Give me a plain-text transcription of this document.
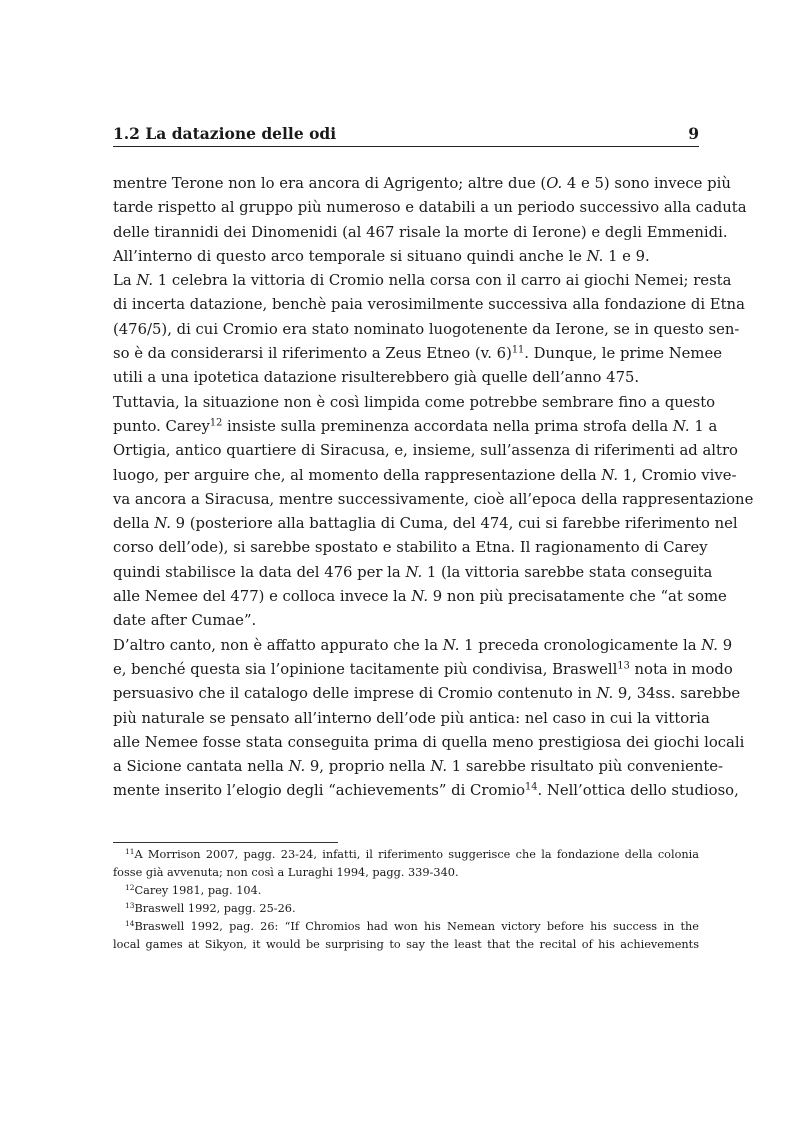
1.2 La datazione delle odi	9
mentre Terone non lo era ancora di Agrigento; altre due (O. 4 e 5) sono invece più
tarde rispetto al gruppo più numeroso e databili a un periodo successivo alla caduta
delle tirannidi dei Dinomenidi (al 467 risale la morte di Ierone) e degli Emmenidi.
All’interno di questo arco temporale si situano quindi anche le N. 1 e 9.
La N. 1 celebra la vittoria di Cromio nella corsa con il carro ai giochi Nemei; resta
di incerta datazione, benchè paia verosimilmente successiva alla fondazione di Etna
(476/5), di cui Cromio era stato nominato luogotenente da Ierone, se in questo sen-
so è da considerarsi il riferimento a Zeus Etneo (v. 6)$^{11}$. Dunque, le prime Nemee
utili a una ipotetica datazione risulterebbero già quelle dell’anno 475.
Tuttavia, la situazione non è così limpida come potrebbe sembrare fino a questo
punto. Carey$^{12}$ insiste sulla preminenza accordata nella prima strofa della N. 1 a
Ortigia, antico quartiere di Siracusa, e, insieme, sull’assenza di riferimenti ad altro
luogo, per arguire che, al momento della rappresentazione della N. 1, Cromio vive-
va ancora a Siracusa, mentre successivamente, cioè all’epoca della rappresentazione
della N. 9 (posteriore alla battaglia di Cuma, del 474, cui si farebbe riferimento nel
corso dell’ode), si sarebbe spostato e stabilito a Etna. Il ragionamento di Carey
quindi stabilisce la data del 476 per la N. 1 (la vittoria sarebbe stata conseguita
alle Nemee del 477) e colloca invece la N. 9 non più precisatamente che “at some
date after Cumae”.
D’altro canto, non è affatto appurato che la N. 1 preceda cronologicamente la N. 9
e, benché questa sia l’opinione tacitamente più condivisa, Braswell$^{13}$ nota in modo
persuasivo che il catalogo delle imprese di Cromio contenuto in N. 9, 34ss. sarebbe
più naturale se pensato all’interno dell’ode più antica: nel caso in cui la vittoria
alle Nemee fosse stata conseguita prima di quella meno prestigiosa dei giochi locali
a Sicione cantata nella N. 9, proprio nella N. 1 sarebbe risultato più conveniente-
mente inserito l’elogio degli “achievements” di Cromio$^{14}$. Nell’ottica dello studioso,
$^{11}$A Morrison 2007, pagg. 23-24, infatti, il riferimento suggerisce che la fondazione della colonia
fosse già avvenuta; non così a Luraghi 1994, pagg. 339-340.
$^{12}$Carey 1981, pag. 104.
$^{13}$Braswell 1992, pagg. 25-26.
$^{14}$Braswell 1992, pag. 26: “If Chromios had won his Nemean victory before his success in the
local games at Sikyon, it would be surprising to say the least that the recital of his achievements
